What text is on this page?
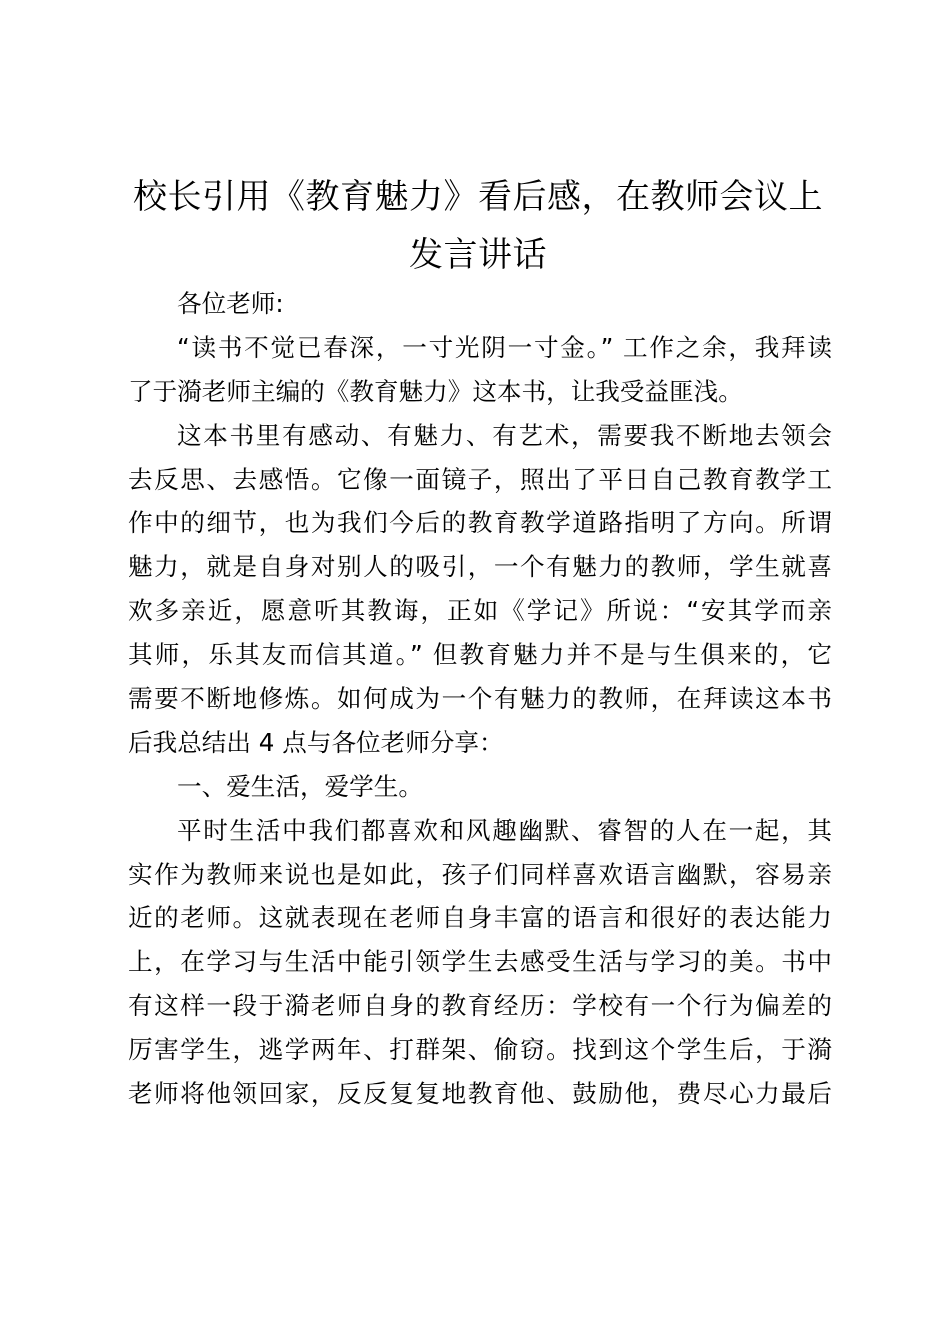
校长引用《教育魅力》看后感，在教师会议上
发言讲话
各位老师:
“读书不觉已春深，一寸光阴一寸金。” 工作之余，我拜读
了于漪老师主编的《教育魅力》这本书，让我受益匪浅。
这本书里有感动、有魅力、有艺术，需要我不断地去领会
去反思、去感悟。它像一面镜子，照出了平日自己教育教学工
作中的细节，也为我们今后的教育教学道路指明了方向。所谓
魅力，就是自身对别人的吸引，一个有魅力的教师，学生就喜
欢多亲近，愿意听其教诲，正如《学记》所说：“安其学而亲
其师，乐其友而信其道。” 但教育魅力并不是与生俱来的，它
需要不断地修炼。如何成为一个有魅力的教师，在拜读这本书
后我总结出 4 点与各位老师分享：
一、爱生活，爱学生。
平时生活中我们都喜欢和风趣幽默、睿智的人在一起，其
实作为教师来说也是如此，孩子们同样喜欢语言幽默，容易亲
近的老师。这就表现在老师自身丰富的语言和很好的表达能力
上，在学习与生活中能引领学生去感受生活与学习的美。书中
有这样一段于漪老师自身的教育经历：学校有一个行为偏差的
厉害学生，逃学两年、打群架、偷窃。找到这个学生后，于漪
老师将他领回家，反反复复地教育他、鼓励他，费尽心力最后
